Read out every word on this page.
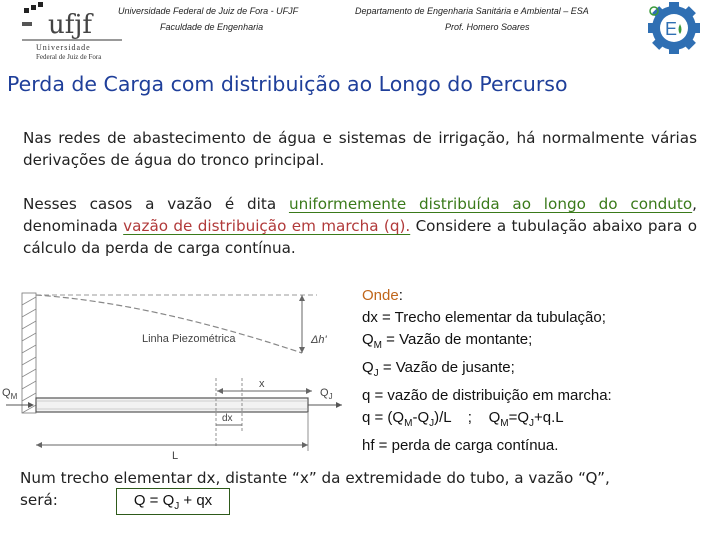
ufjf
Universidade
Federal de Juiz de Fora
Universidade Federal de Juiz de Fora - UFJF
Faculdade de Engenharia
Departamento de Engenharia Sanitária e Ambiental – ESA
Prof. Homero Soares	E
Perda de Carga com distribuição ao Longo do Percurso
Nas redes de abastecimento de água e sistemas de irrigação, há normalmente várias derivações de água do tronco principal.
Nesses casos a vazão é dita uniformemente distribuída ao longo do conduto, denominada vazão de distribuição em marcha (q). Considere a tubulação abaixo para o cálculo da perda de carga contínua.
Linha Piezométrica	Δh'
x
$Q_M$	$Q_J$
dx
L
Onde:
dx = Trecho elementar da tubulação;
$Q_M$ = Vazão de montante;
$Q_J$ = Vazão de jusante;
q = vazão de distribuição em marcha:
$q = (Q_M-Q_J)/L$    ;    $Q_M=Q_J+q.L$
hf = perda de carga contínua.
Num trecho elementar dx, distante “x” da extremidade do tubo, a vazão “Q”,
será:	$Q = Q_J$ + qx
